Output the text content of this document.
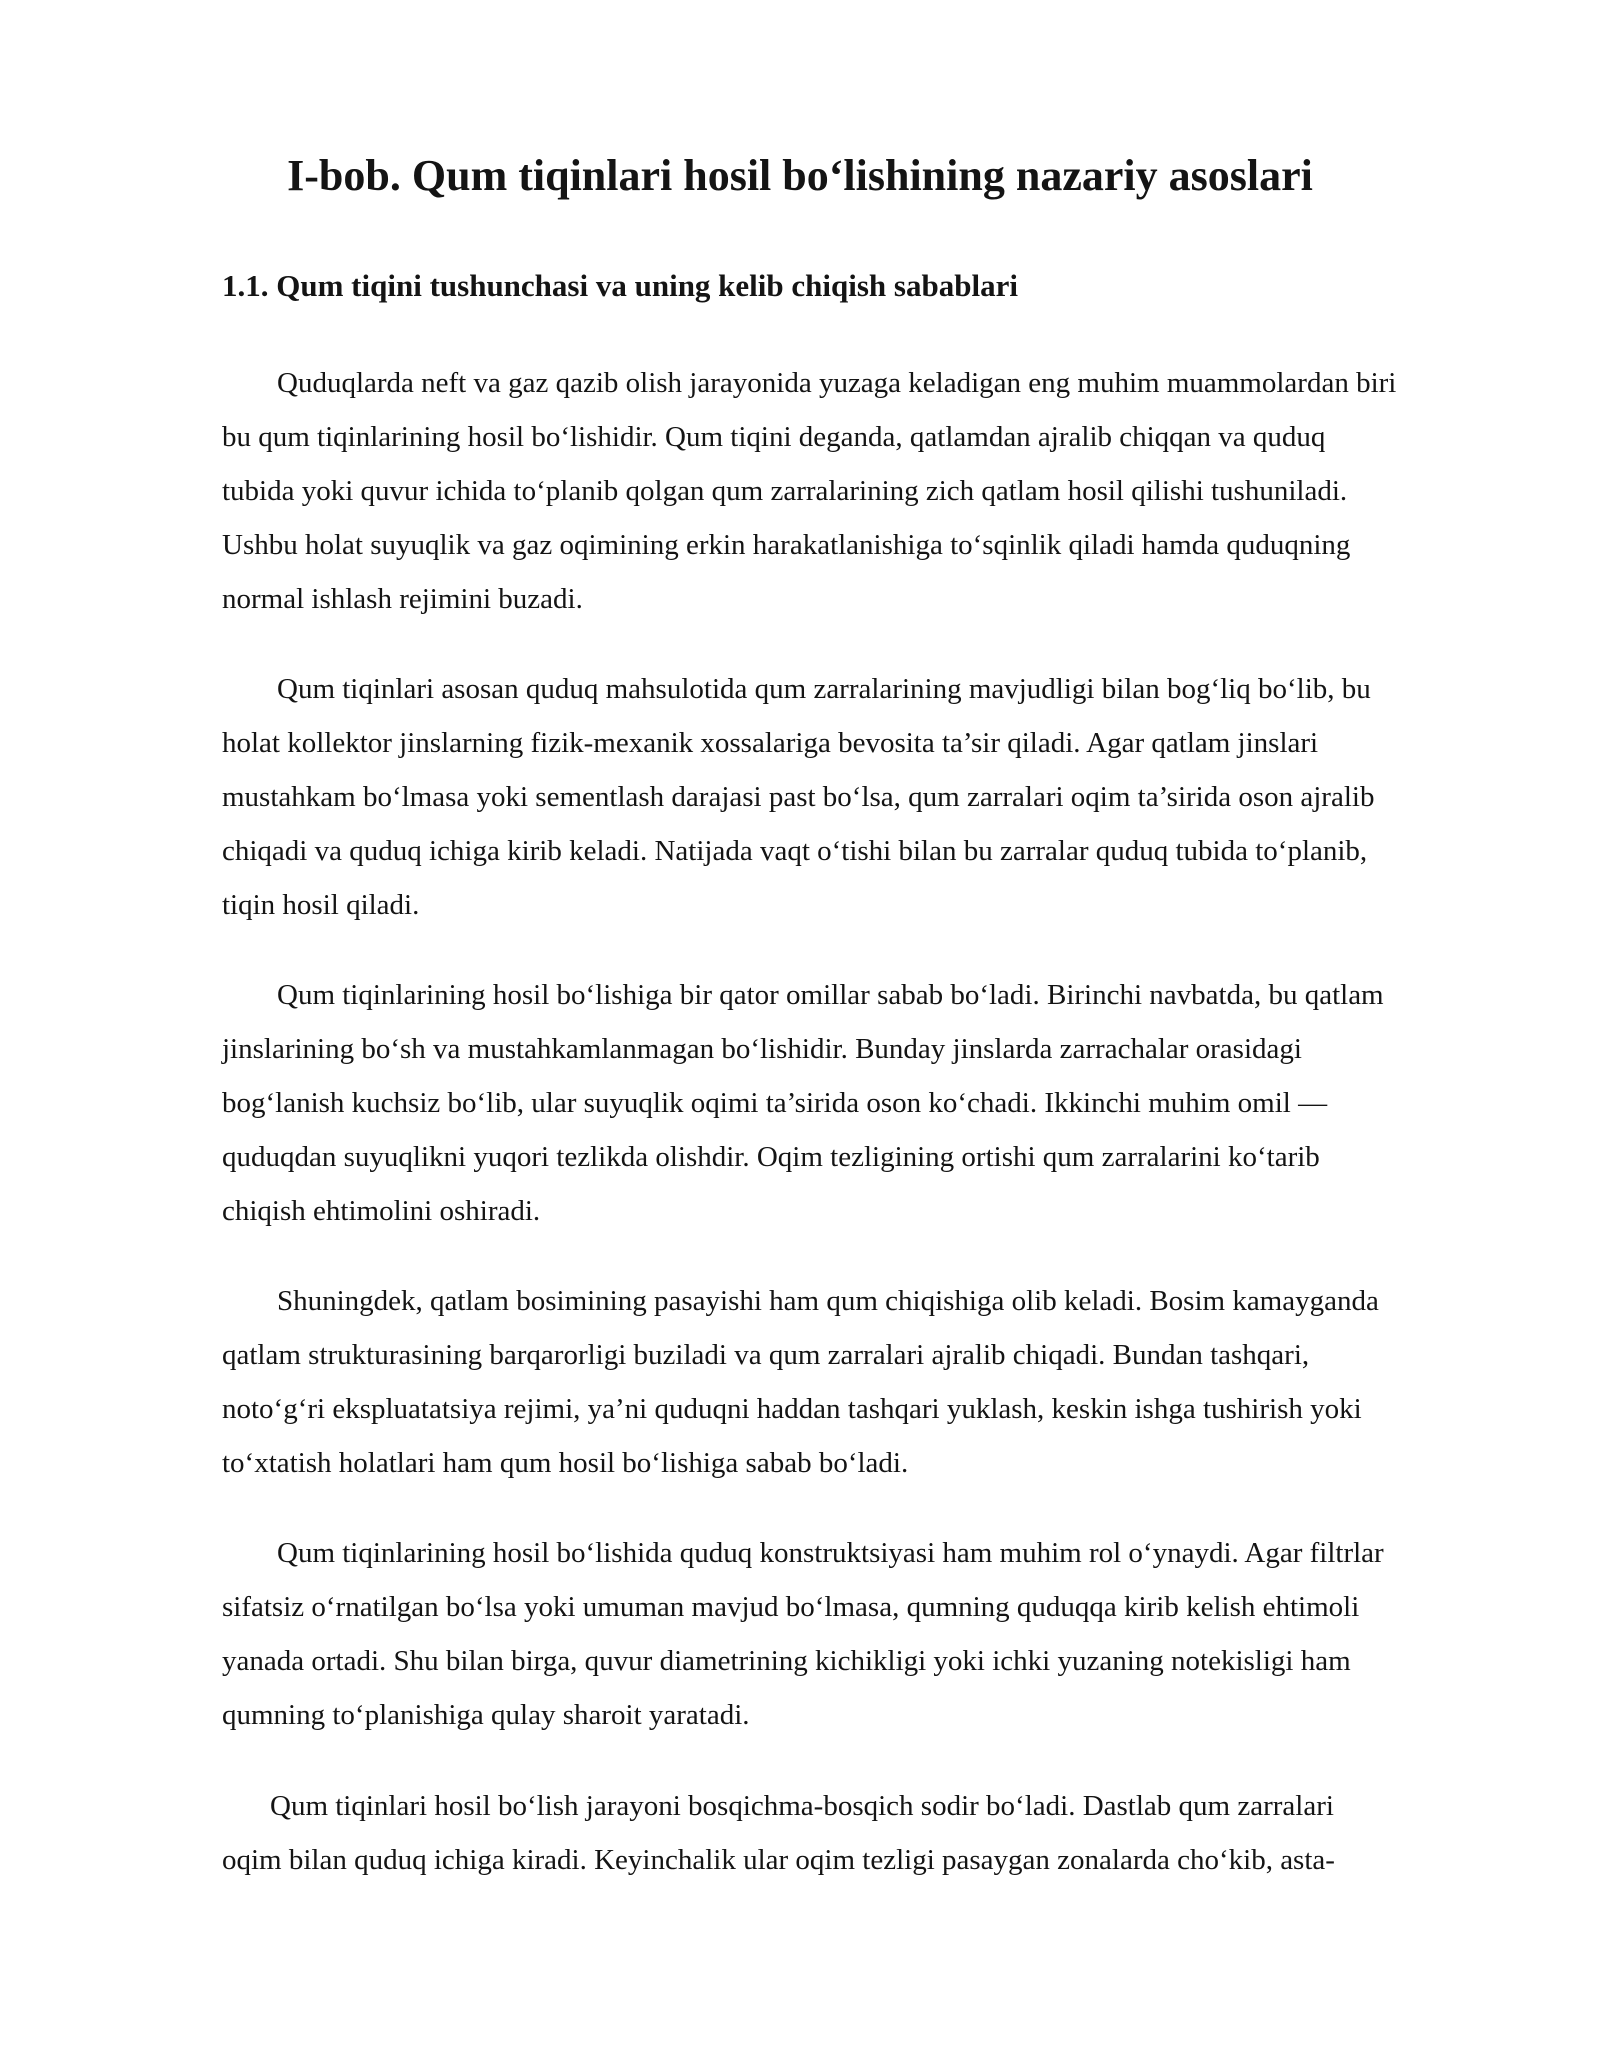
I-bob. Qum tiqinlari hosil bo‘lishining nazariy asoslari
1.1. Qum tiqini tushunchasi va uning kelib chiqish sabablari
Quduqlarda neft va gaz qazib olish jarayonida yuzaga keladigan eng muhim muammolardan biri
bu qum tiqinlarining hosil bo‘lishidir. Qum tiqini deganda, qatlamdan ajralib chiqqan va quduq
tubida yoki quvur ichida to‘planib qolgan qum zarralarining zich qatlam hosil qilishi tushuniladi.
Ushbu holat suyuqlik va gaz oqimining erkin harakatlanishiga to‘sqinlik qiladi hamda quduqning
normal ishlash rejimini buzadi.
Qum tiqinlari asosan quduq mahsulotida qum zarralarining mavjudligi bilan bog‘liq bo‘lib, bu
holat kollektor jinslarning fizik-mexanik xossalariga bevosita ta’sir qiladi. Agar qatlam jinslari
mustahkam bo‘lmasa yoki sementlash darajasi past bo‘lsa, qum zarralari oqim ta’sirida oson ajralib
chiqadi va quduq ichiga kirib keladi. Natijada vaqt o‘tishi bilan bu zarralar quduq tubida to‘planib,
tiqin hosil qiladi.
Qum tiqinlarining hosil bo‘lishiga bir qator omillar sabab bo‘ladi. Birinchi navbatda, bu qatlam
jinslarining bo‘sh va mustahkamlanmagan bo‘lishidir. Bunday jinslarda zarrachalar orasidagi
bog‘lanish kuchsiz bo‘lib, ular suyuqlik oqimi ta’sirida oson ko‘chadi. Ikkinchi muhim omil —
quduqdan suyuqlikni yuqori tezlikda olishdir. Oqim tezligining ortishi qum zarralarini ko‘tarib
chiqish ehtimolini oshiradi.
Shuningdek, qatlam bosimining pasayishi ham qum chiqishiga olib keladi. Bosim kamayganda
qatlam strukturasining barqarorligi buziladi va qum zarralari ajralib chiqadi. Bundan tashqari,
noto‘g‘ri ekspluatatsiya rejimi, ya’ni quduqni haddan tashqari yuklash, keskin ishga tushirish yoki
to‘xtatish holatlari ham qum hosil bo‘lishiga sabab bo‘ladi.
Qum tiqinlarining hosil bo‘lishida quduq konstruktsiyasi ham muhim rol o‘ynaydi. Agar filtrlar
sifatsiz o‘rnatilgan bo‘lsa yoki umuman mavjud bo‘lmasa, qumning quduqqa kirib kelish ehtimoli
yanada ortadi. Shu bilan birga, quvur diametrining kichikligi yoki ichki yuzaning notekisligi ham
qumning to‘planishiga qulay sharoit yaratadi.
Qum tiqinlari hosil bo‘lish jarayoni bosqichma-bosqich sodir bo‘ladi. Dastlab qum zarralari
oqim bilan quduq ichiga kiradi. Keyinchalik ular oqim tezligi pasaygan zonalarda cho‘kib, asta-
